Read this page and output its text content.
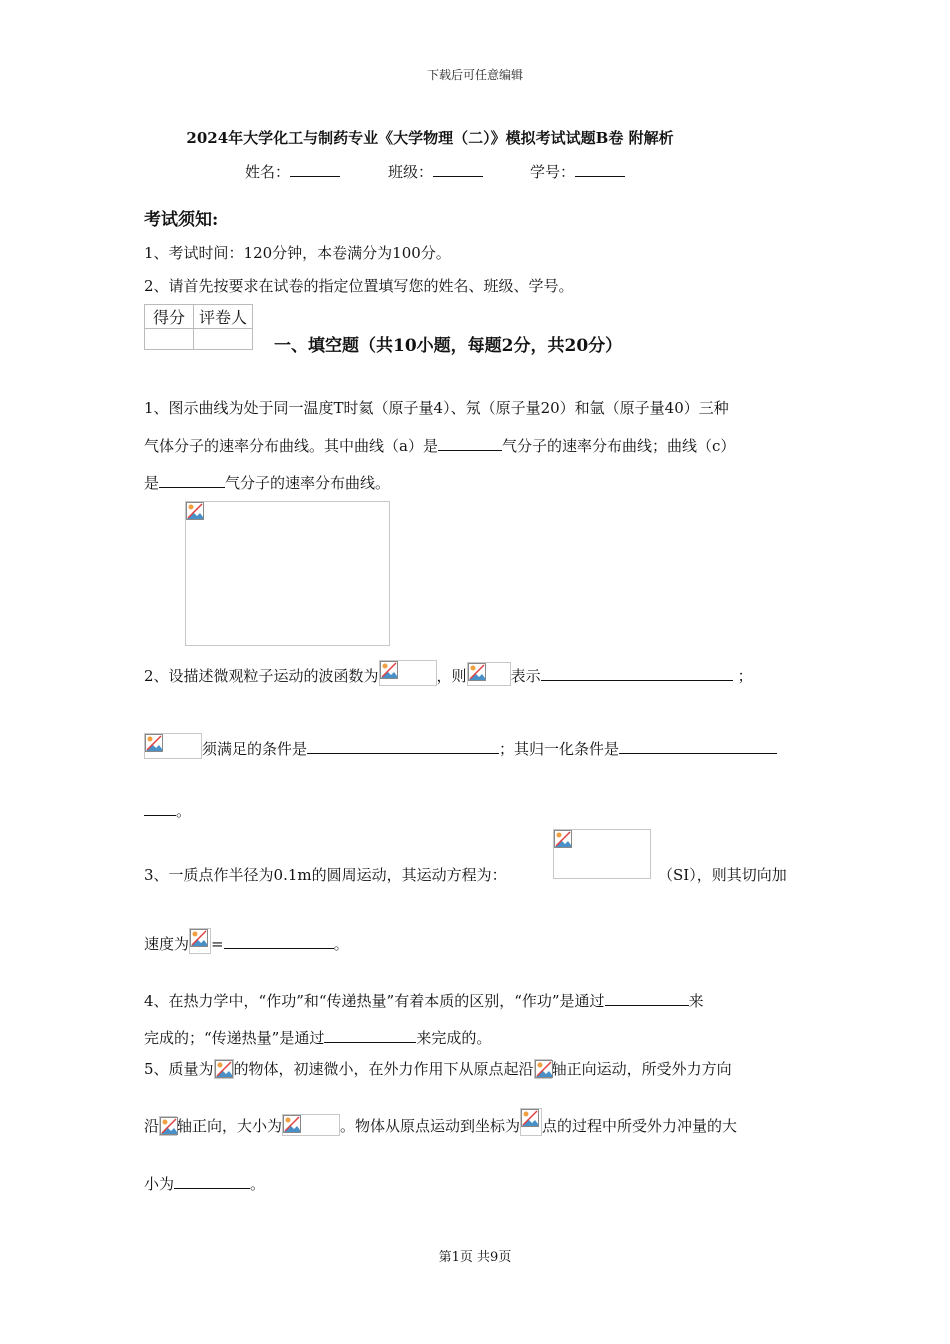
下载后可任意编辑
2024年大学化工与制药专业《大学物理（二）》模拟考试试题B卷 附解析
姓名：	班级：	学号：
考试须知:
1、考试时间：120分钟，本卷满分为100分。
2、请首先按要求在试卷的指定位置填写您的姓名、班级、学号。
得分	评卷人

一、填空题（共10小题，每题2分，共20分）
1、图示曲线为处于同一温度T时氦（原子量4）、氖（原子量20）和氩（原子量40）三种
气体分子的速率分布曲线。其中曲线（a）是	气分子的速率分布曲线；曲线（c）
是	气分子的速率分布曲线。
2、设描述微观粒子运动的波函数为	，则	表示	；
须满足的条件是	；其归一化条件是
。
3、一质点作半径为0.1m的圆周运动，其运动方程为：	（SI），则其切向加
速度为 =	。
4、在热力学中，“作功”和“传递热量”有着本质的区别，“作功”是通过	来
完成的；“传递热量”是通过	来完成的。
5、质量为 的物体，初速微小，在外力作用下从原点起沿 轴正向运动，所受外力方向
沿 轴正向，大小为	。物体从原点运动到坐标为 点的过程中所受外力冲量的大
小为	。
第1页 共9页
